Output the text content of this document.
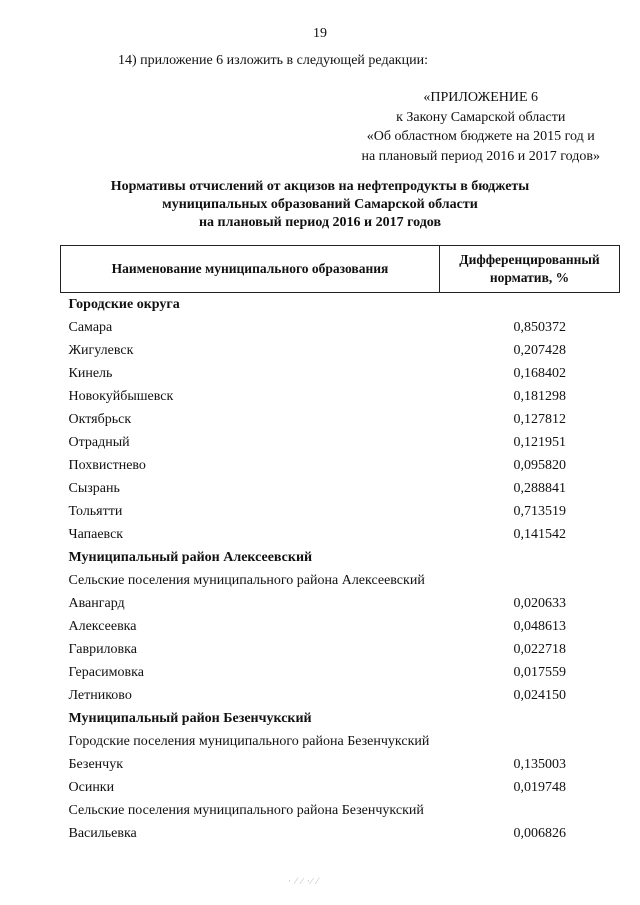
19
14) приложение 6 изложить в следующей редакции:
«ПРИЛОЖЕНИЕ 6
к Закону Самарской области
«Об областном бюджете на 2015 год и
на плановый период 2016 и 2017 годов»
Нормативы отчислений от акцизов на нефтепродукты в бюджеты
муниципальных образований Самарской области
на плановый период 2016 и 2017 годов
Наименование муниципального образования	Дифференцированный
норматив, %

Городские округа	
Самара	0,850372
Жигулевск	0,207428
Кинель	0,168402
Новокуйбышевск	0,181298
Октябрьск	0,127812
Отрадный	0,121951
Похвистнево	0,095820
Сызрань	0,288841
Тольятти	0,713519
Чапаевск	0,141542
Муниципальный район Алексеевский	
Сельские поселения муниципального района Алексеевский	
Авангард	0,020633
Алексеевка	0,048613
Гавриловка	0,022718
Герасимовка	0,017559
Летниково	0,024150
Муниципальный район Безенчукский	
Городские поселения муниципального района Безенчукский	
Безенчук	0,135003
Осинки	0,019748
Сельские поселения муниципального района Безенчукский	
Васильевка	0,006826
· ⁄ ∕ ·∕ ⁄
